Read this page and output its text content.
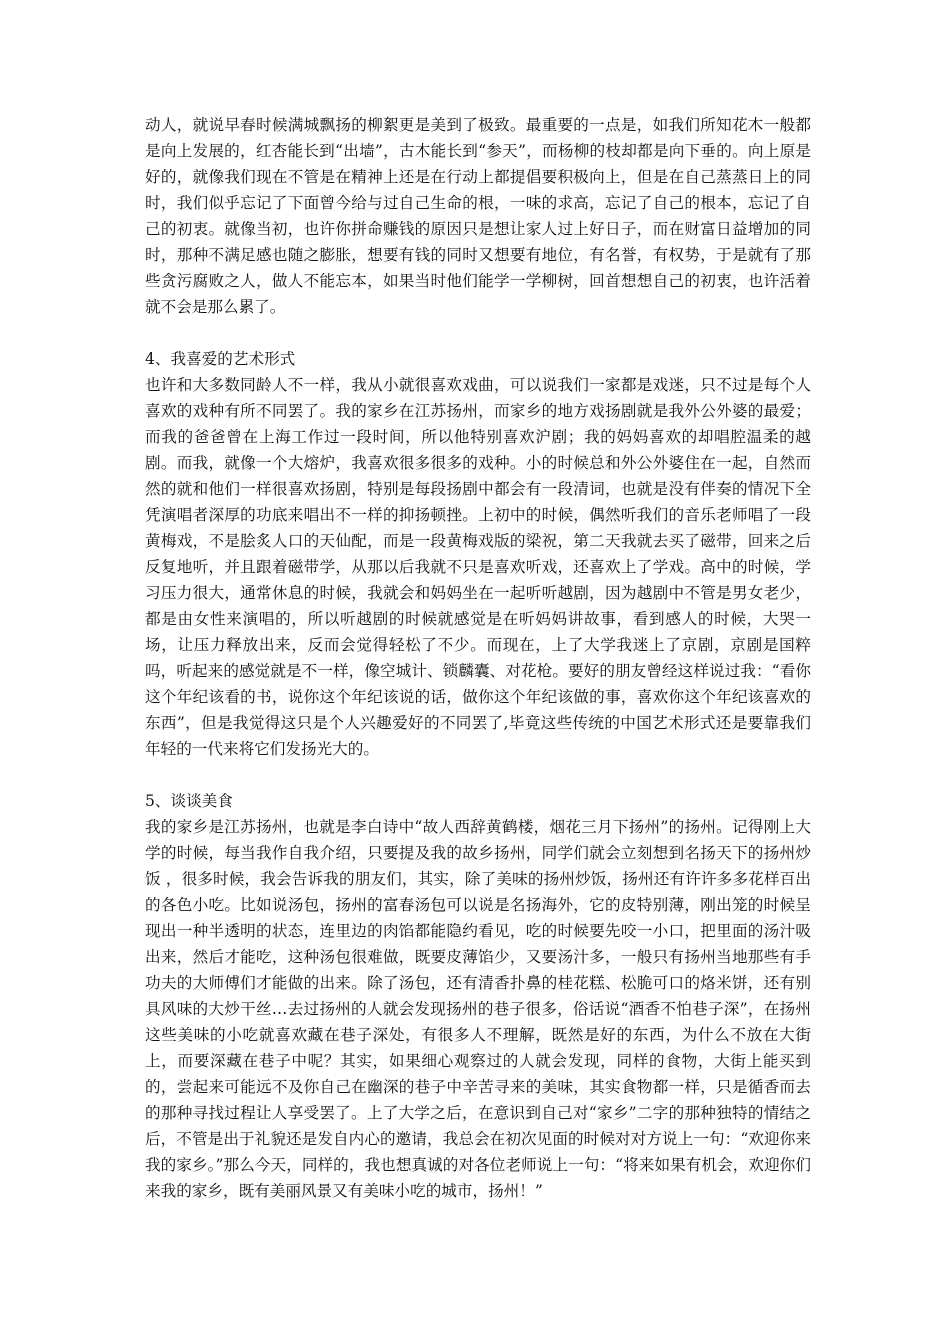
动人，就说早春时候满城飘扬的柳絮更是美到了极致。最重要的一点是，如我们所知花木一般都是向上发展的，红杏能长到“出墙”，古木能长到“参天”，而杨柳的枝却都是向下垂的。向上原是好的，就像我们现在不管是在精神上还是在行动上都提倡要积极向上，但是在自己蒸蒸日上的同时，我们似乎忘记了下面曾今给与过自己生命的根，一味的求高，忘记了自己的根本，忘记了自己的初衷。就像当初，也许你拼命赚钱的原因只是想让家人过上好日子，而在财富日益增加的同时，那种不满足感也随之膨胀，想要有钱的同时又想要有地位，有名誉，有权势，于是就有了那些贪污腐败之人，做人不能忘本，如果当时他们能学一学柳树，回首想想自己的初衷，也许活着就不会是那么累了。

4、我喜爱的艺术形式

也许和大多数同龄人不一样，我从小就很喜欢戏曲，可以说我们一家都是戏迷，只不过是每个人喜欢的戏种有所不同罢了。我的家乡在江苏扬州，而家乡的地方戏扬剧就是我外公外婆的最爱；而我的爸爸曾在上海工作过一段时间，所以他特别喜欢沪剧；我的妈妈喜欢的却唱腔温柔的越剧。而我，就像一个大熔炉，我喜欢很多很多的戏种。小的时候总和外公外婆住在一起，自然而然的就和他们一样很喜欢扬剧，特别是每段扬剧中都会有一段清词，也就是没有伴奏的情况下全凭演唱者深厚的功底来唱出不一样的抑扬顿挫。上初中的时候，偶然听我们的音乐老师唱了一段黄梅戏，不是脍炙人口的天仙配，而是一段黄梅戏版的梁祝，第二天我就去买了磁带，回来之后反复地听，并且跟着磁带学，从那以后我就不只是喜欢听戏，还喜欢上了学戏。高中的时候，学习压力很大，通常休息的时候，我就会和妈妈坐在一起听听越剧，因为越剧中不管是男女老少，都是由女性来演唱的，所以听越剧的时候就感觉是在听妈妈讲故事，看到感人的时候，大哭一场，让压力释放出来，反而会觉得轻松了不少。而现在，上了大学我迷上了京剧，京剧是国粹吗，听起来的感觉就是不一样，像空城计、锁麟囊、对花枪。要好的朋友曾经这样说过我：“看你这个年纪该看的书，说你这个年纪该说的话，做你这个年纪该做的事，喜欢你这个年纪该喜欢的东西”，但是我觉得这只是个人兴趣爱好的不同罢了,毕竟这些传统的中国艺术形式还是要靠我们年轻的一代来将它们发扬光大的。

5、谈谈美食

我的家乡是江苏扬州，也就是李白诗中“故人西辞黄鹤楼，烟花三月下扬州”的扬州。记得刚上大学的时候，每当我作自我介绍，只要提及我的故乡扬州，同学们就会立刻想到名扬天下的扬州炒饭 ，很多时候，我会告诉我的朋友们，其实，除了美味的扬州炒饭，扬州还有许许多多花样百出的各色小吃。比如说汤包，扬州的富春汤包可以说是名扬海外，它的皮特别薄，刚出笼的时候呈现出一种半透明的状态，连里边的肉馅都能隐约看见，吃的时候要先咬一小口，把里面的汤汁吸出来，然后才能吃，这种汤包很难做，既要皮薄馅少，又要汤汁多，一般只有扬州当地那些有手功夫的大师傅们才能做的出来。除了汤包，还有清香扑鼻的桂花糕、松脆可口的烙米饼，还有别具风味的大炒干丝…去过扬州的人就会发现扬州的巷子很多，俗话说“酒香不怕巷子深”，在扬州这些美味的小吃就喜欢藏在巷子深处，有很多人不理解，既然是好的东西，为什么不放在大街上，而要深藏在巷子中呢？其实，如果细心观察过的人就会发现，同样的食物，大街上能买到的，尝起来可能远不及你自己在幽深的巷子中辛苦寻来的美味，其实食物都一样，只是循香而去的那种寻找过程让人享受罢了。上了大学之后，在意识到自己对“家乡”二字的那种独特的情结之后，不管是出于礼貌还是发自内心的邀请，我总会在初次见面的时候对对方说上一句：“欢迎你来我的家乡。”那么今天，同样的，我也想真诚的对各位老师说上一句：“将来如果有机会，欢迎你们来我的家乡，既有美丽风景又有美味小吃的城市，扬州！”
